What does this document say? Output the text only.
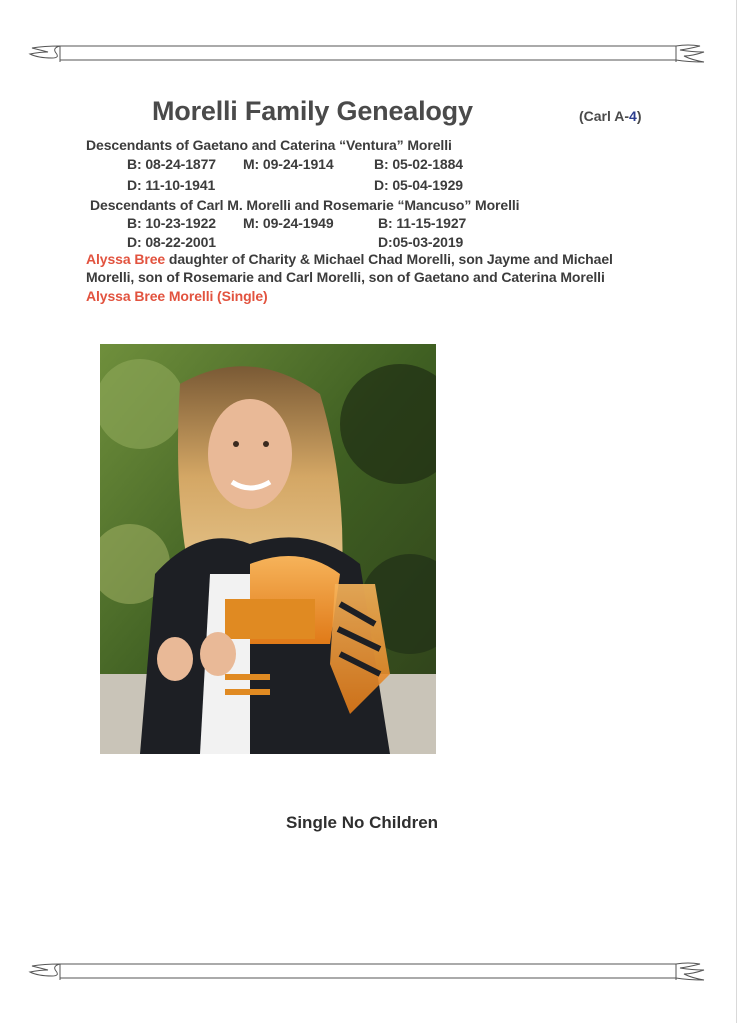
Morelli Family Genealogy	(Carl A-4)
Descendants of Gaetano and Caterina “Ventura” Morelli
B: 08-24-1877 M: 09-24-1914	B: 05-02-1884
D: 11-10-1941	D: 05-04-1929
Descendants of Carl M. Morelli and Rosemarie “Mancuso” Morelli
B: 10-23-1922 M: 09-24-1949	B: 11-15-1927
D: 08-22-2001	D:05-03-2019
Alyssa Bree daughter of Charity & Michael Chad Morelli, son Jayme and Michael
Morelli, son of Rosemarie and Carl Morelli, son of Gaetano and Caterina Morelli
Alyssa Bree Morelli (Single)
Single No Children
